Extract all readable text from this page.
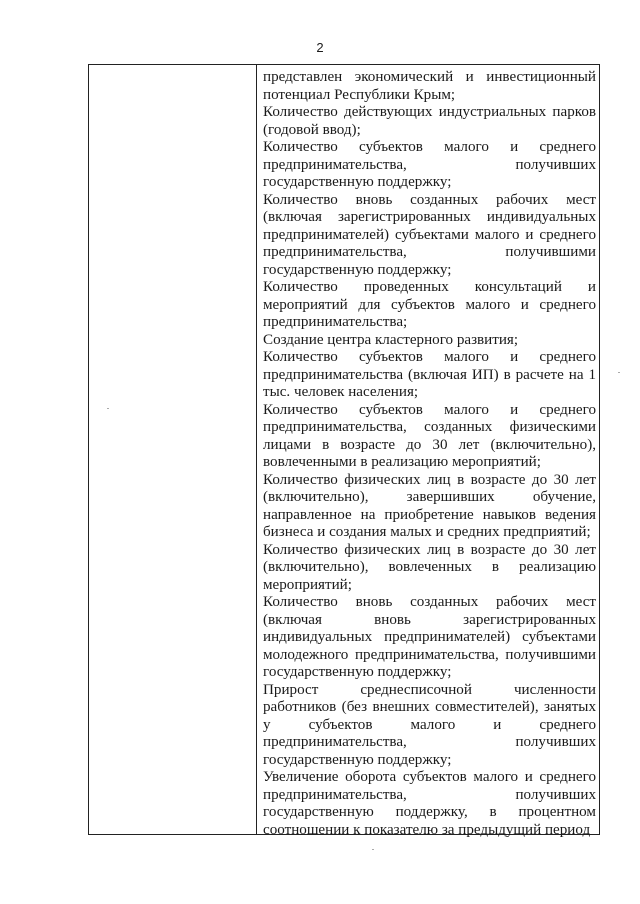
2

представлен экономический и инвестиционный потенциал Республики Крым;

Количество действующих индустриальных парков (годовой ввод);

Количество субъектов малого и среднего предпринимательства, получивших государственную поддержку;

Количество вновь созданных рабочих мест (включая зарегистрированных индивидуальных предпринимателей) субъектами малого и среднего предпринимательства, получившими государственную поддержку;

Количество проведенных консультаций и мероприятий для субъектов малого и среднего предпринимательства;

Создание центра кластерного развития;

Количество субъектов малого и среднего предпринимательства (включая ИП) в расчете на 1 тыс. человек населения;

Количество субъектов малого и среднего предпринимательства, созданных физическими лицами в возрасте до 30 лет (включительно), вовлеченными в реализацию мероприятий;

Количество физических лиц в возрасте до 30 лет (включительно), завершивших обучение, направленное на приобретение навыков ведения бизнеса и создания малых и средних предприятий;

Количество физических лиц в возрасте до 30 лет (включительно), вовлеченных в реализацию мероприятий;

Количество вновь созданных рабочих мест (включая вновь зарегистрированных индивидуальных предпринимателей) субъектами молодежного предпринимательства, получившими государственную поддержку;

Прирост среднесписочной численности работников (без внешних совместителей), занятых у субъектов малого и среднего предпринимательства, получивших государственную поддержку;

Увеличение оборота субъектов малого и среднего предпринимательства, получивших государственную поддержку, в процентном соотношении к показателю за предыдущий период
